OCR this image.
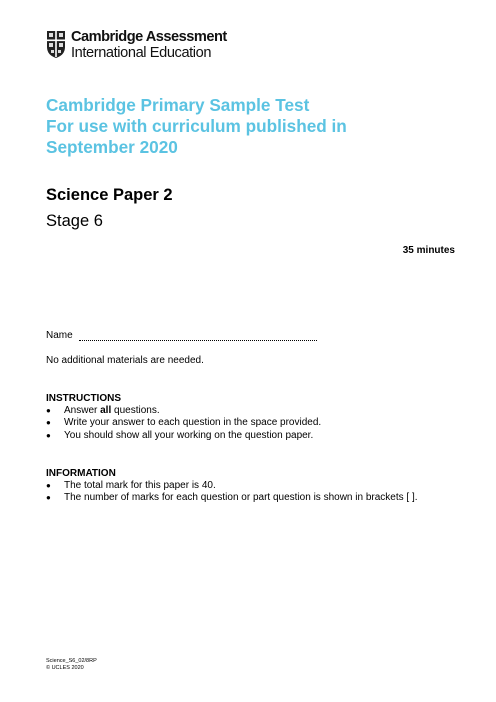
Cambridge Assessment
International Education
Cambridge Primary Sample Test
For use with curriculum published in
September 2020
Science Paper 2
Stage 6
35 minutes
Name
No additional materials are needed.
INSTRUCTIONS
●	Answer all questions.
●	Write your answer to each question in the space provided.
●	You should show all your working on the question paper.
INFORMATION
●	The total mark for this paper is 40.
●	The number of marks for each question or part question is shown in brackets [ ].
Science_S6_02/8RP
© UCLES 2020
